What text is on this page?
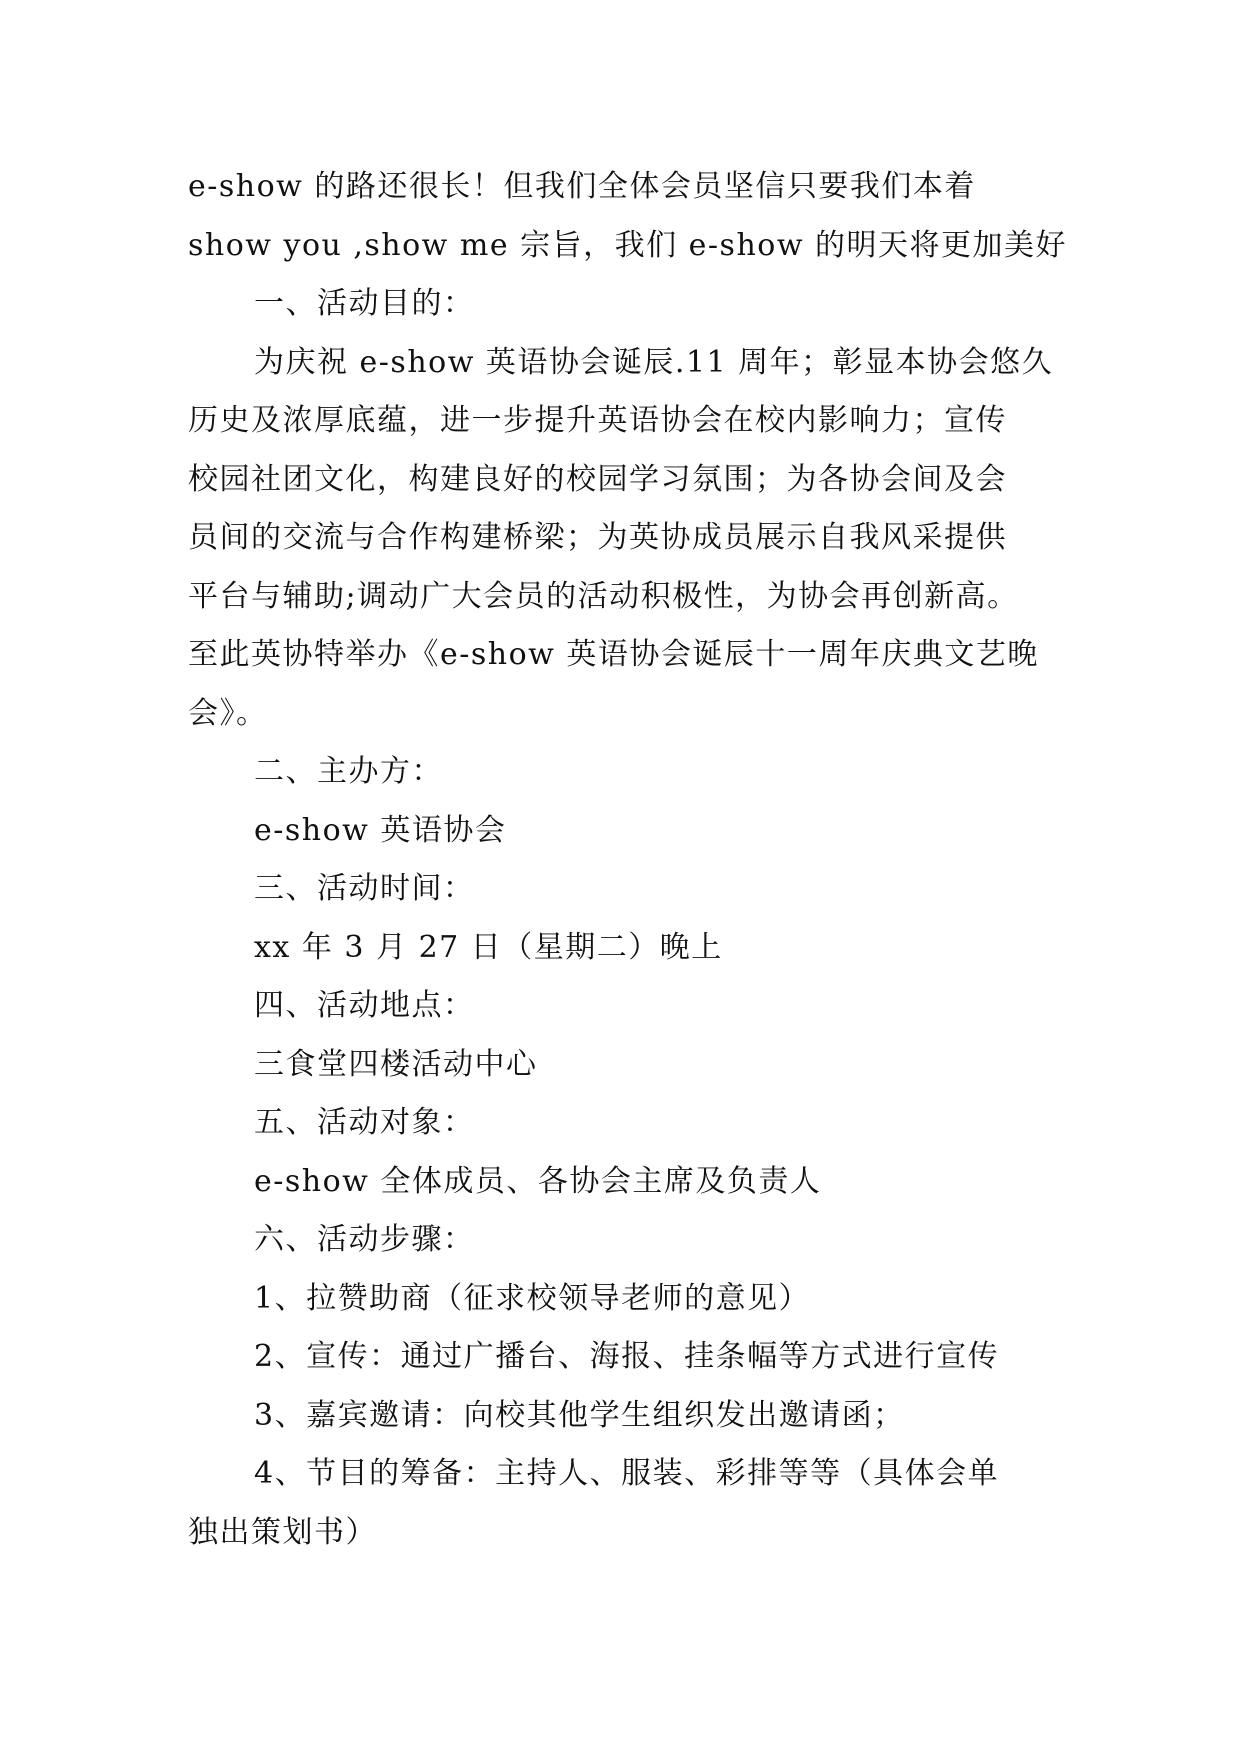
e-show 的路还很长！但我们全体会员坚信只要我们本着
show you ,show me 宗旨，我们 e-show 的明天将更加美好
一、活动目的：
为庆祝 e-show 英语协会诞辰.11 周年；彰显本协会悠久
历史及浓厚底蕴，进一步提升英语协会在校内影响力；宣传
校园社团文化，构建良好的校园学习氛围；为各协会间及会
员间的交流与合作构建桥梁；为英协成员展示自我风采提供
平台与辅助;调动广大会员的活动积极性，为协会再创新高。
至此英协特举办《e-show 英语协会诞辰十一周年庆典文艺晚
会》。
二、主办方：
e-show 英语协会
三、活动时间：
xx 年 3 月 27 日（星期二）晚上
四、活动地点：
三食堂四楼活动中心
五、活动对象：
e-show 全体成员、各协会主席及负责人
六、活动步骤：
1、拉赞助商（征求校领导老师的意见）
2、宣传：通过广播台、海报、挂条幅等方式进行宣传
3、嘉宾邀请：向校其他学生组织发出邀请函；
4、节目的筹备：主持人、服装、彩排等等（具体会单
独出策划书）
